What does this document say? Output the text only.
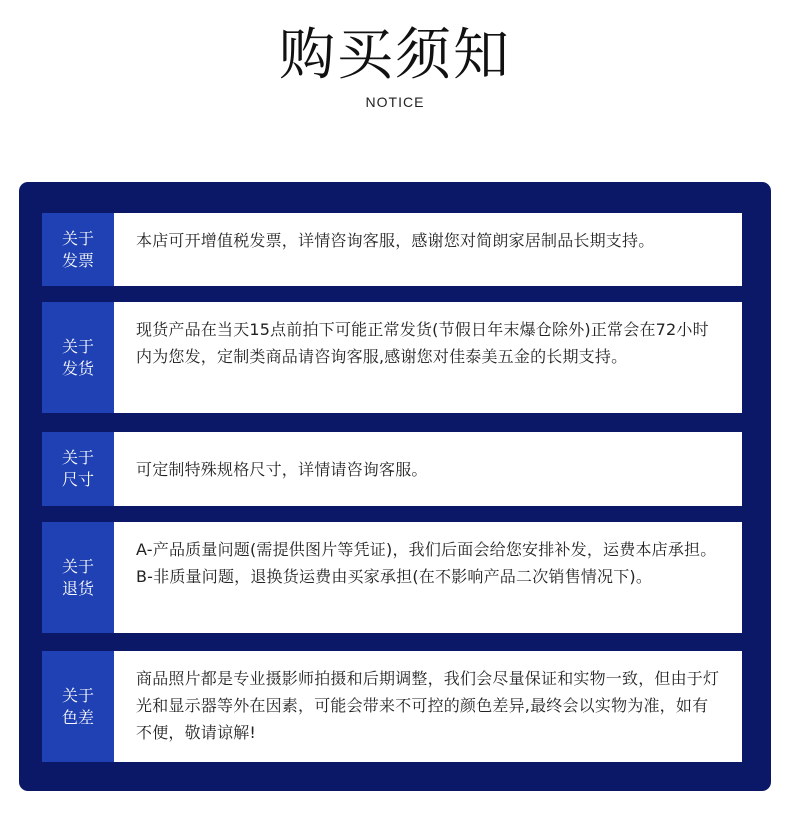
购买须知
NOTICE
关于发票
本店可开增值税发票，详情咨询客服，感谢您对简朗家居制品长期支持。
关于发货
现货产品在当天15点前拍下可能正常发货(节假日年末爆仓除外)正常会在72小时内为您发，定制类商品请咨询客服,感谢您对佳泰美五金的长期支持。
关于尺寸
可定制特殊规格尺寸，详情请咨询客服。
关于退货
A-产品质量问题(需提供图片等凭证)，我们后面会给您安排补发，运费本店承担。B-非质量问题，退换货运费由买家承担(在不影响产品二次销售情况下)。
关于色差
商品照片都是专业摄影师拍摄和后期调整，我们会尽量保证和实物一致，但由于灯光和显示器等外在因素，可能会带来不可控的颜色差异,最终会以实物为准，如有不便，敬请谅解!
